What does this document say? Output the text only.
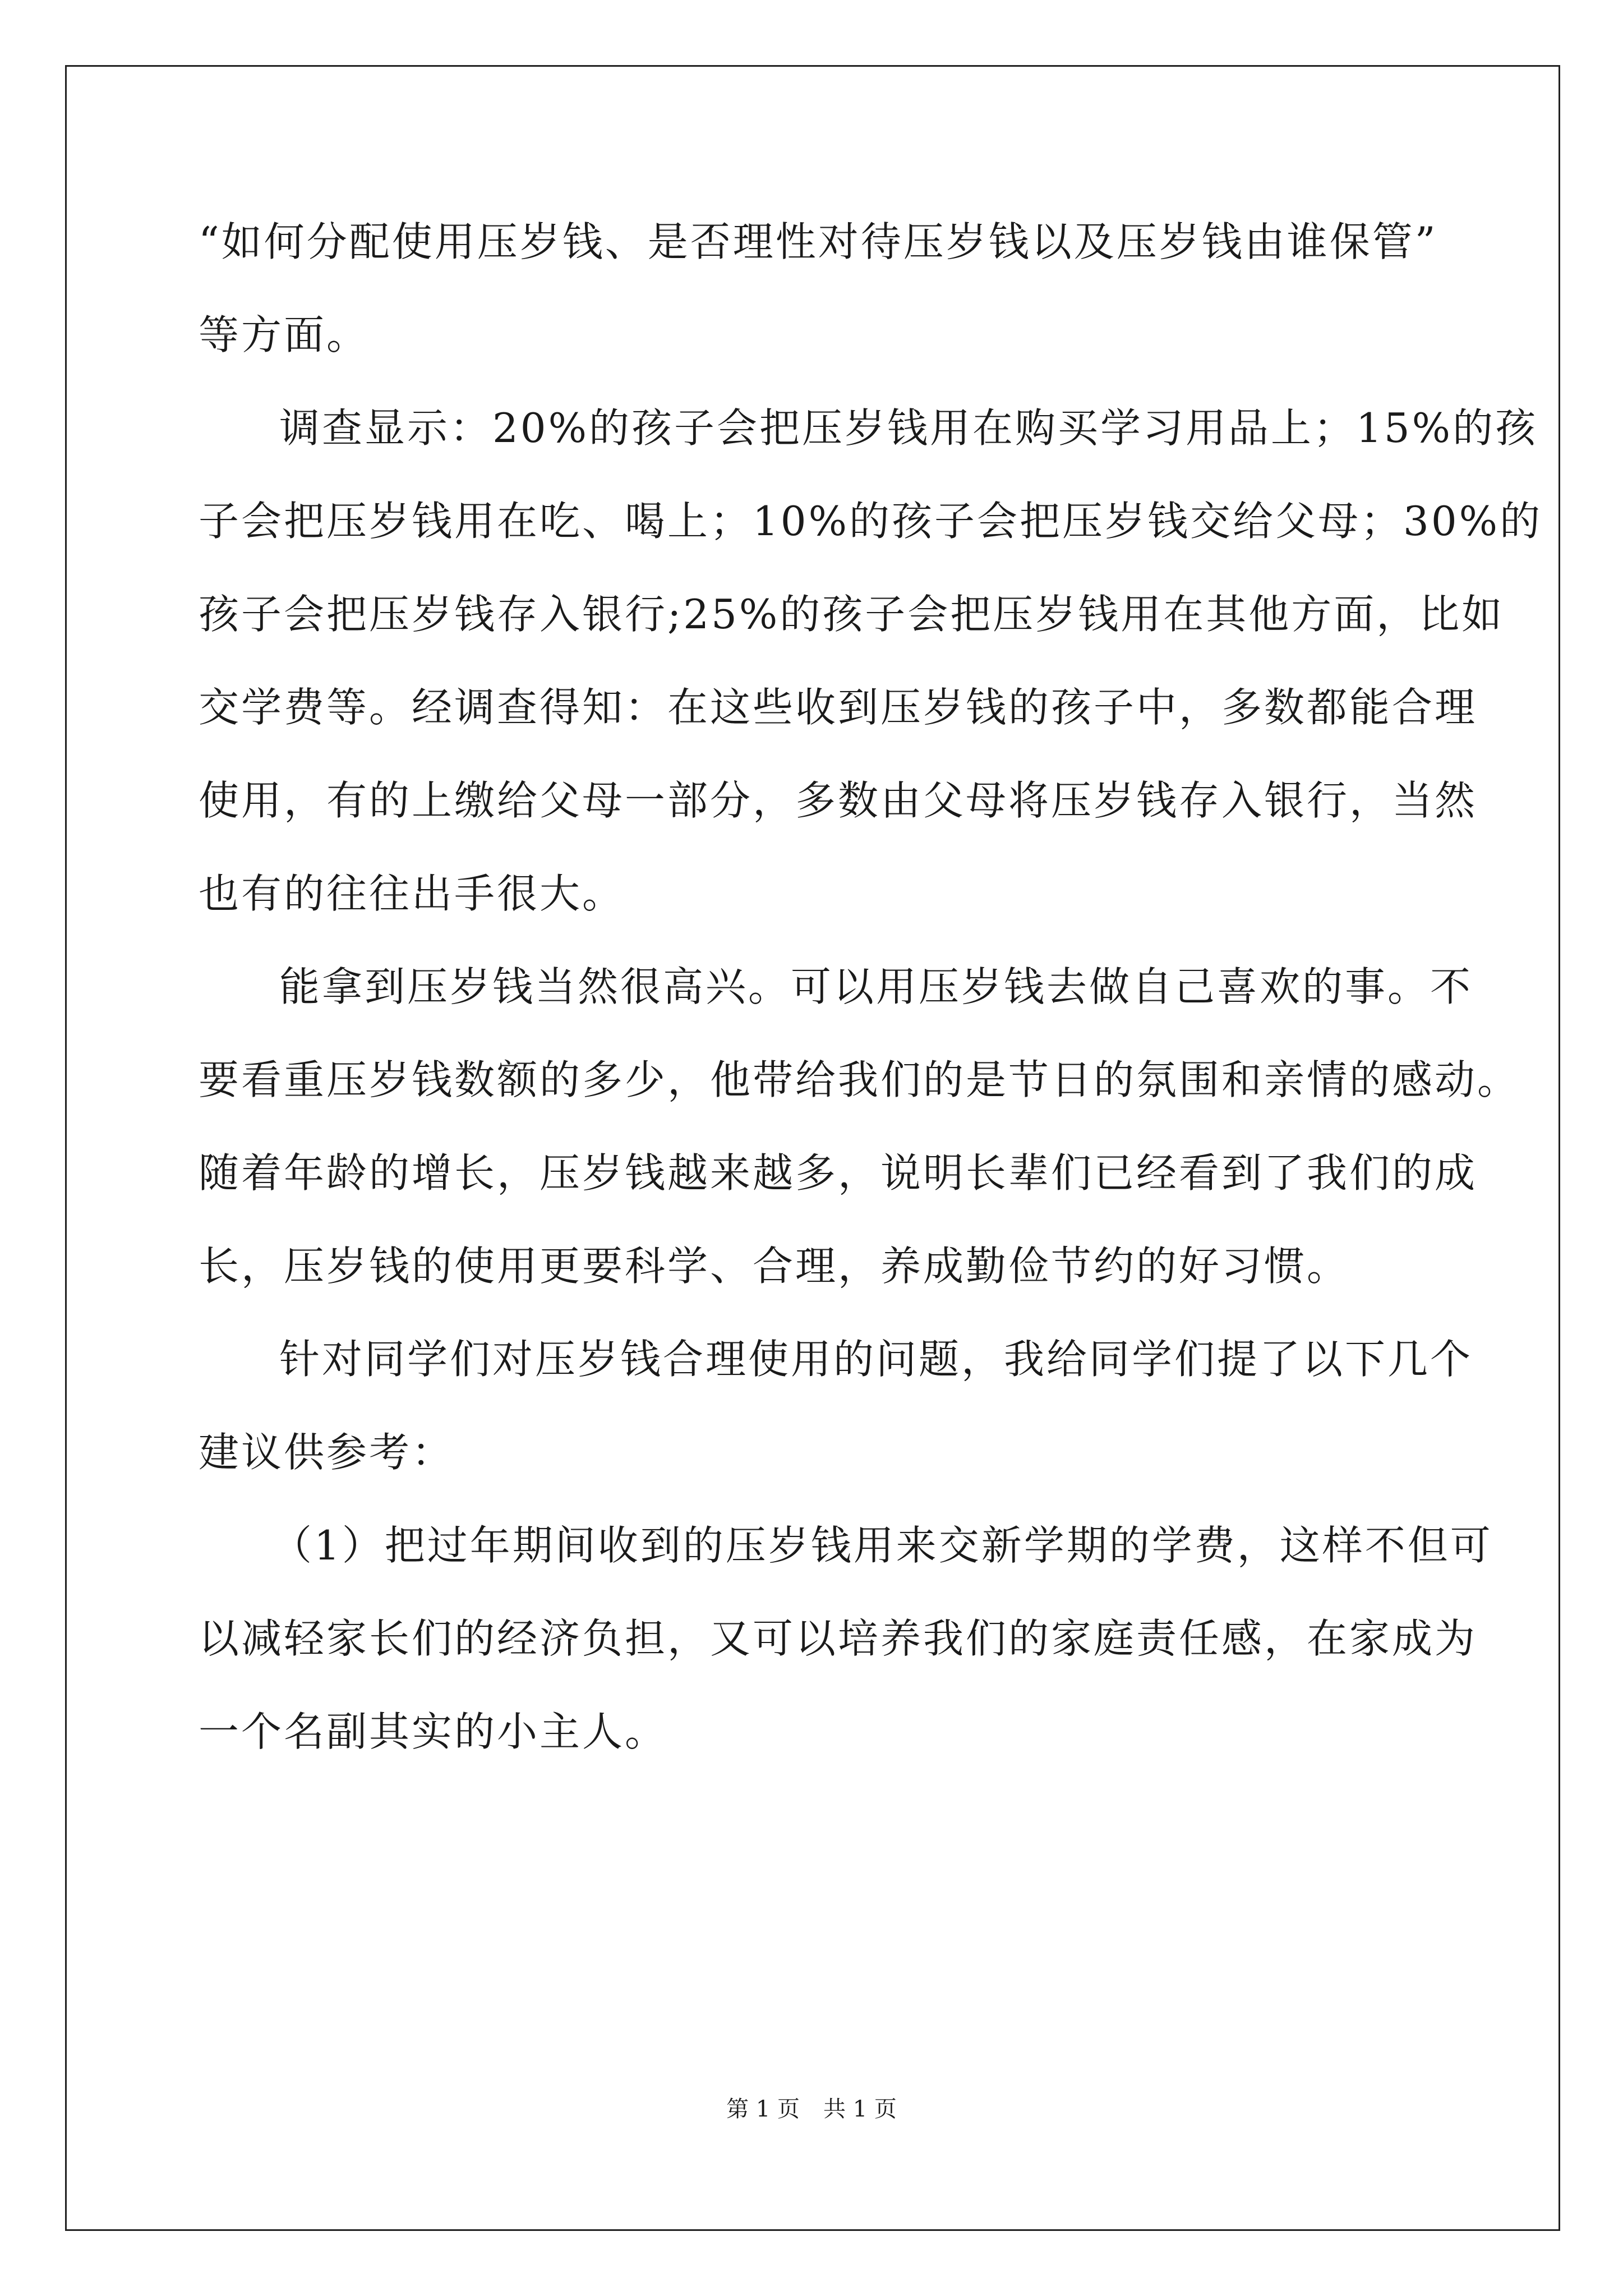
“如何分配使用压岁钱、是否理性对待压岁钱以及压岁钱由谁保管”
等方面。
调查显示：20%的孩子会把压岁钱用在购买学习用品上；15%的孩
子会把压岁钱用在吃、喝上；10%的孩子会把压岁钱交给父母；30%的
孩子会把压岁钱存入银行;25%的孩子会把压岁钱用在其他方面，比如
交学费等。经调查得知：在这些收到压岁钱的孩子中，多数都能合理
使用，有的上缴给父母一部分，多数由父母将压岁钱存入银行，当然
也有的往往出手很大。
能拿到压岁钱当然很高兴。可以用压岁钱去做自己喜欢的事。不
要看重压岁钱数额的多少，他带给我们的是节日的氛围和亲情的感动。
随着年龄的增长，压岁钱越来越多，说明长辈们已经看到了我们的成
长，压岁钱的使用更要科学、合理，养成勤俭节约的好习惯。
针对同学们对压岁钱合理使用的问题，我给同学们提了以下几个
建议供参考：
（1）把过年期间收到的压岁钱用来交新学期的学费，这样不但可
以减轻家长们的经济负担，又可以培养我们的家庭责任感，在家成为
一个名副其实的小主人。
第 1 页 共 1 页
